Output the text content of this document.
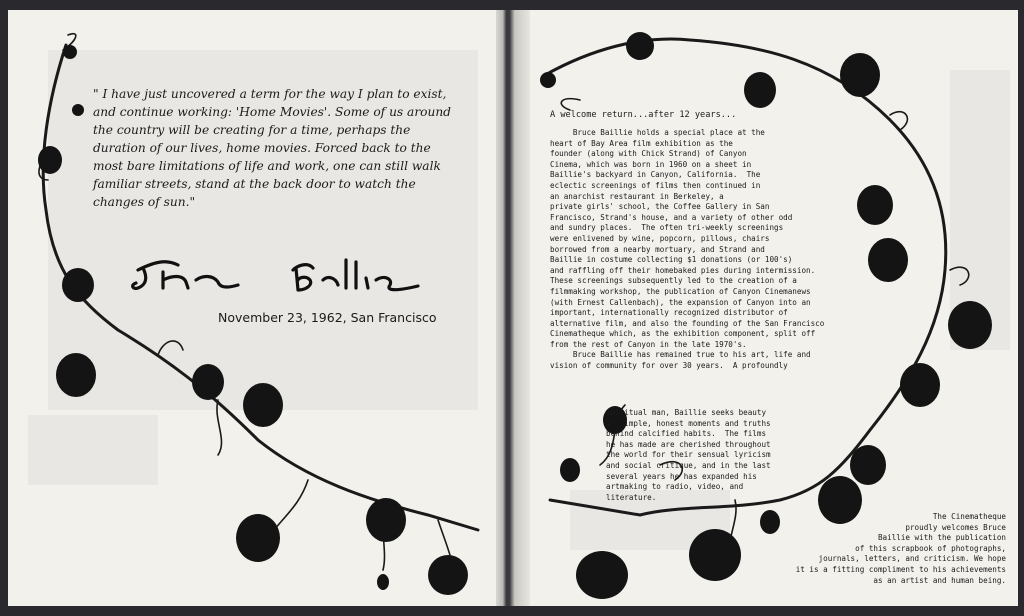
" I have just uncovered a term for the way I plan to exist, and continue working: 'Home Movies'. Some of us around the country will be creating for a time, perhaps the duration of our lives, home movies. Forced back to the most bare limitations of life and work, one can still walk familiar streets, stand at the back door to watch the changes of sun."

November 23, 1962, San Francisco

A welcome return...after 12 years...

Bruce Baillie holds a special place at the
heart of Bay Area film exhibition as the
founder (along with Chick Strand) of Canyon
Cinema, which was born in 1960 on a sheet in
Baillie's backyard in Canyon, California.  The
eclectic screenings of films then continued in
an anarchist restaurant in Berkeley, a
private girls' school, the Coffee Gallery in San
Francisco, Strand's house, and a variety of other odd
and sundry places.  The often tri-weekly screenings
were enlivened by wine, popcorn, pillows, chairs
borrowed from a nearby mortuary, and Strand and
Baillie in costume collecting $1 donations (or 100's)
and raffling off their homebaked pies during intermission.
These screenings subsequently led to the creation of a
filmmaking workshop, the publication of Canyon Cinemanews
(with Ernest Callenbach), the expansion of Canyon into an
important, internationally recognized distributor of
alternative film, and also the founding of the San Francisco
Cinematheque which, as the exhibition component, split off
from the rest of Canyon in the late 1970's.
Bruce Baillie has remained true to his art, life and
vision of community for over 30 years.  A profoundly

spiritual man, Baillie seeks beauty
in simple, honest moments and truths
behind calcified habits.  The films
he has made are cherished throughout
the world for their sensual lyricism
and social critique, and in the last
several years he has expanded his
artmaking to radio, video, and
literature.

The Cinematheque
proudly welcomes Bruce
Baillie with the publication
of this scrapbook of photographs,
journals, letters, and criticism. We hope
it is a fitting compliment to his achievements
as an artist and human being.
